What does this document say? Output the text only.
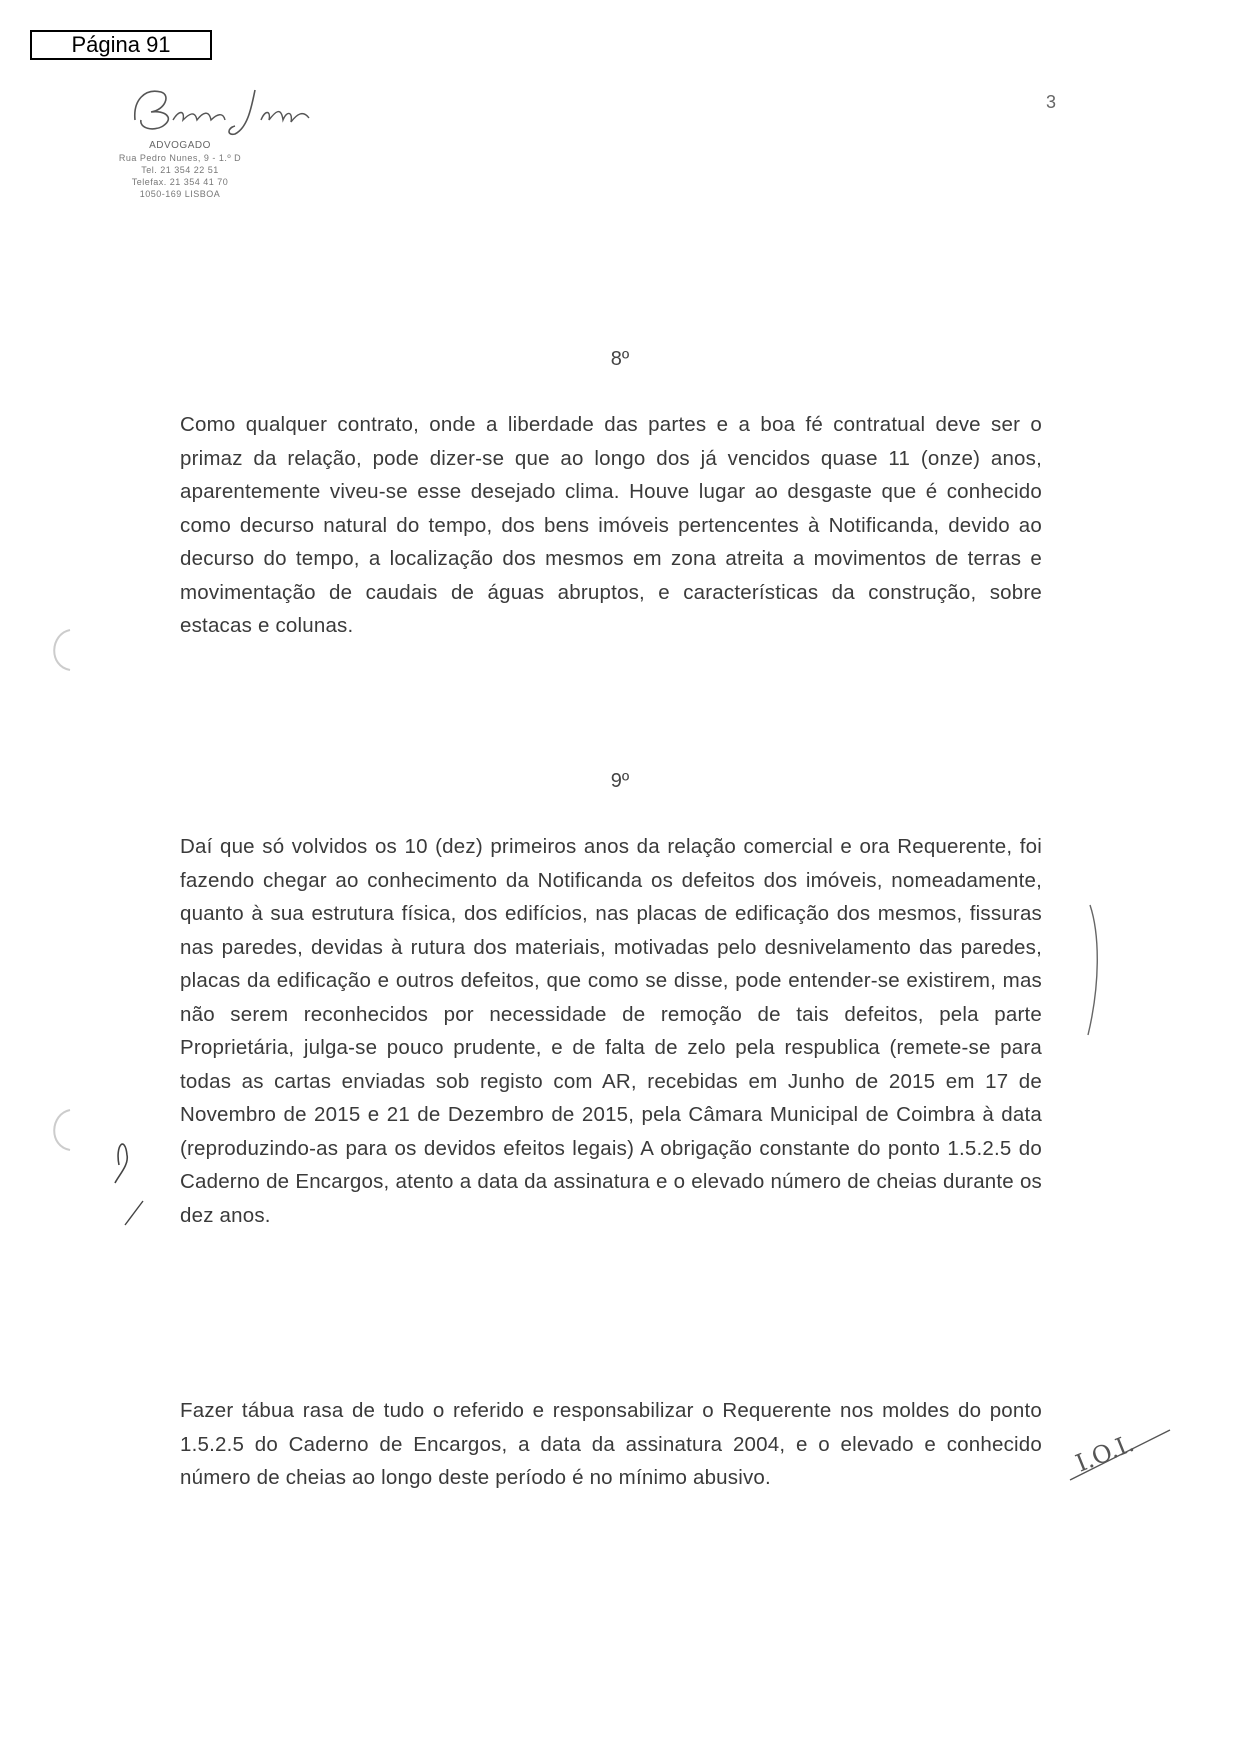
Página 91
ADVOGADO
Rua Pedro Nunes, 9 - 1.º D
Tel. 21 354 22 51
Telefax. 21 354 41 70
1050-169 LISBOA
3
8º

Como qualquer contrato, onde a liberdade das partes e a boa fé contratual deve ser o primaz da relação, pode dizer-se que ao longo dos já vencidos quase 11 (onze) anos, aparentemente viveu-se esse desejado clima. Houve lugar ao desgaste que é conhecido como decurso natural do tempo, dos bens imóveis pertencentes à Notificanda, devido ao decurso do tempo, a localização dos mesmos em zona atreita a movimentos de terras e movimentação de caudais de águas abruptos, e características da construção, sobre estacas e colunas.

9º

Daí que só volvidos os 10 (dez) primeiros anos da relação comercial e ora Requerente, foi fazendo chegar ao conhecimento da Notificanda os defeitos dos imóveis, nomeadamente, quanto à sua estrutura física, dos edifícios, nas placas de edificação dos mesmos, fissuras nas paredes, devidas à rutura dos materiais, motivadas pelo desnivelamento das paredes, placas da edificação e outros defeitos, que como se disse, pode entender-se existirem, mas não serem reconhecidos por necessidade de remoção de tais defeitos, pela parte Proprietária, julga-se pouco prudente, e de falta de zelo pela respublica (remete-se para todas as cartas enviadas sob registo com AR, recebidas em Junho de 2015 em 17 de Novembro de 2015 e 21 de Dezembro de 2015, pela Câmara Municipal de Coimbra à data (reproduzindo-as para os devidos efeitos legais) A obrigação constante do ponto 1.5.2.5 do Caderno de Encargos, atento a data da assinatura e o elevado número de cheias durante os dez anos.

Fazer tábua rasa de tudo o referido e responsabilizar o Requerente nos moldes do ponto 1.5.2.5 do Caderno de Encargos, a data da assinatura 2004, e o elevado e conhecido número de cheias ao longo deste período é no mínimo abusivo.	I.O.I.
